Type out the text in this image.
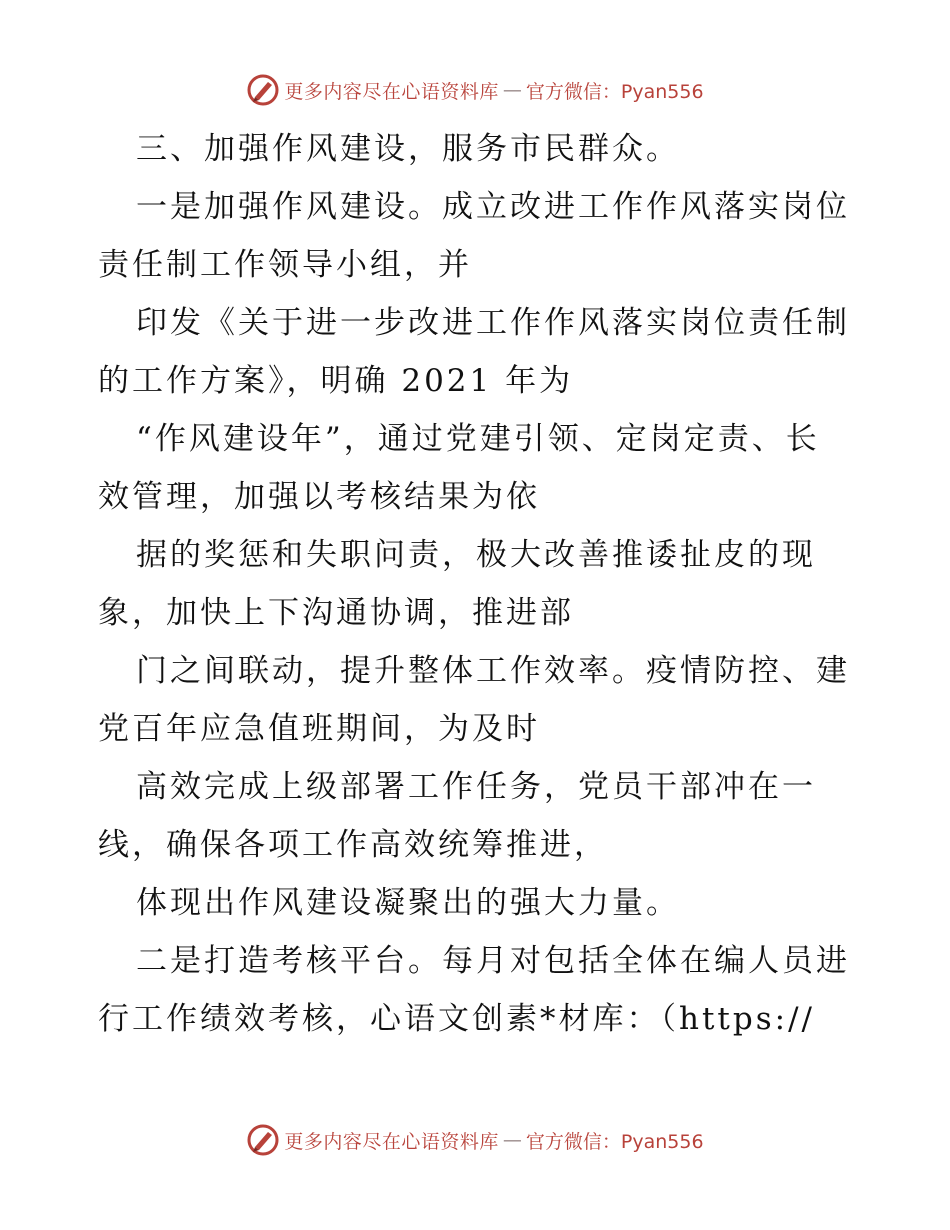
更多内容尽在心语资料库 — 官方微信：Pyan556
三、加强作风建设，服务市民群众。
一是加强作风建设。成立改进工作作风落实岗位
责任制工作领导小组，并
印发《关于进一步改进工作作风落实岗位责任制
的工作方案》，明确 2021 年为
“作风建设年”，通过党建引领、定岗定责、长
效管理，加强以考核结果为依
据的奖惩和失职问责，极大改善推诿扯皮的现
象，加快上下沟通协调，推进部
门之间联动，提升整体工作效率。疫情防控、建
党百年应急值班期间，为及时
高效完成上级部署工作任务，党员干部冲在一
线，确保各项工作高效统筹推进，
体现出作风建设凝聚出的强大力量。
二是打造考核平台。每月对包括全体在编人员进
行工作绩效考核，心语文创素*材库：（https://
更多内容尽在心语资料库 — 官方微信：Pyan556
